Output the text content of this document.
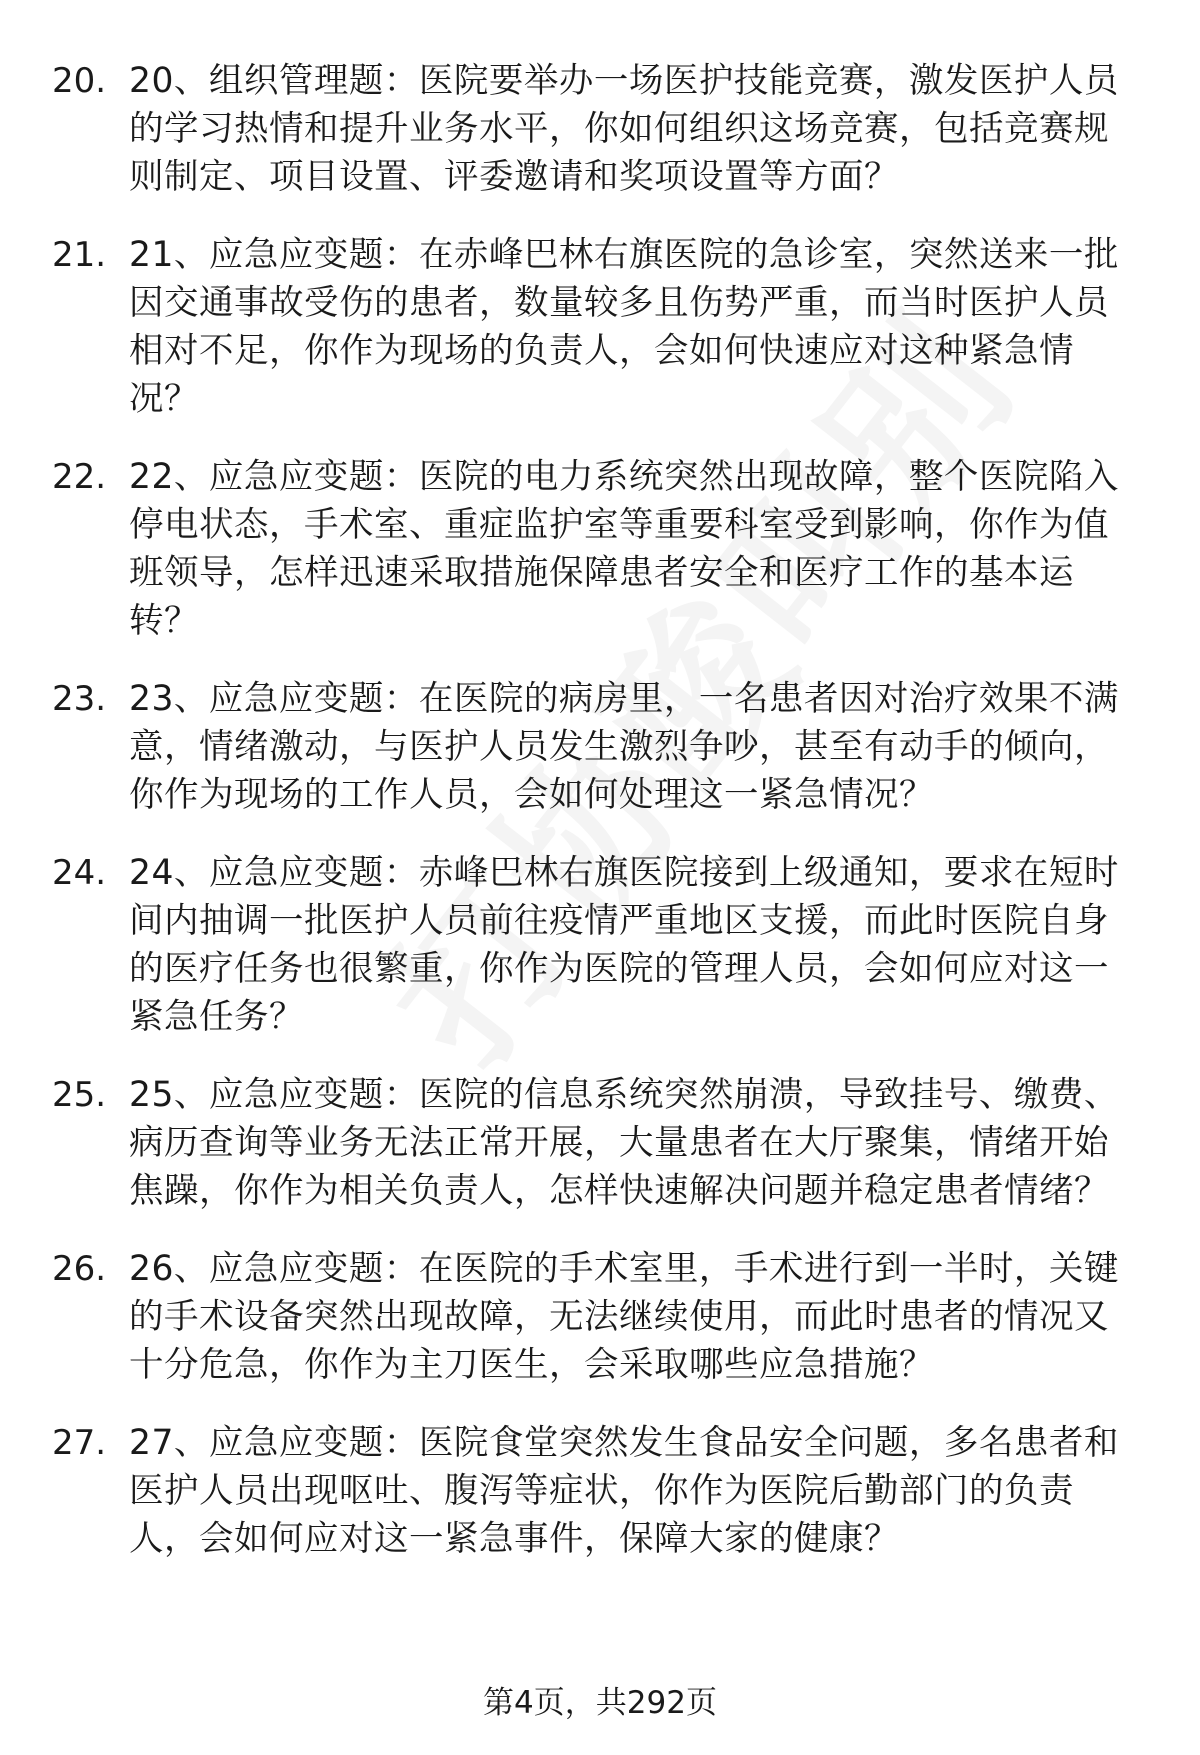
20. 20、组织管理题：医院要举办一场医护技能竞赛，激发医护人员的学习热情和提升业务水平，你如何组织这场竞赛，包括竞赛规则制定、项目设置、评委邀请和奖项设置等方面？
21. 21、应急应变题：在赤峰巴林右旗医院的急诊室，突然送来一批因交通事故受伤的患者，数量较多且伤势严重，而当时医护人员相对不足，你作为现场的负责人，会如何快速应对这种紧急情况？
22. 22、应急应变题：医院的电力系统突然出现故障，整个医院陷入停电状态，手术室、重症监护室等重要科室受到影响，你作为值班领导，怎样迅速采取措施保障患者安全和医疗工作的基本运转？
23. 23、应急应变题：在医院的病房里，一名患者因对治疗效果不满意，情绪激动，与医护人员发生激烈争吵，甚至有动手的倾向，你作为现场的工作人员，会如何处理这一紧急情况？
24. 24、应急应变题：赤峰巴林右旗医院接到上级通知，要求在短时间内抽调一批医护人员前往疫情严重地区支援，而此时医院自身的医疗任务也很繁重，你作为医院的管理人员，会如何应对这一紧急任务？
25. 25、应急应变题：医院的信息系统突然崩溃，导致挂号、缴费、病历查询等业务无法正常开展，大量患者在大厅聚集，情绪开始焦躁，你作为相关负责人，怎样快速解决问题并稳定患者情绪？
26. 26、应急应变题：在医院的手术室里，手术进行到一半时，关键的手术设备突然出现故障，无法继续使用，而此时患者的情况又十分危急，你作为主刀医生，会采取哪些应急措施？
27. 27、应急应变题：医院食堂突然发生食品安全问题，多名患者和医护人员出现呕吐、腹泻等症状，你作为医院后勤部门的负责人，会如何应对这一紧急事件，保障大家的健康？
第4页，共292页
